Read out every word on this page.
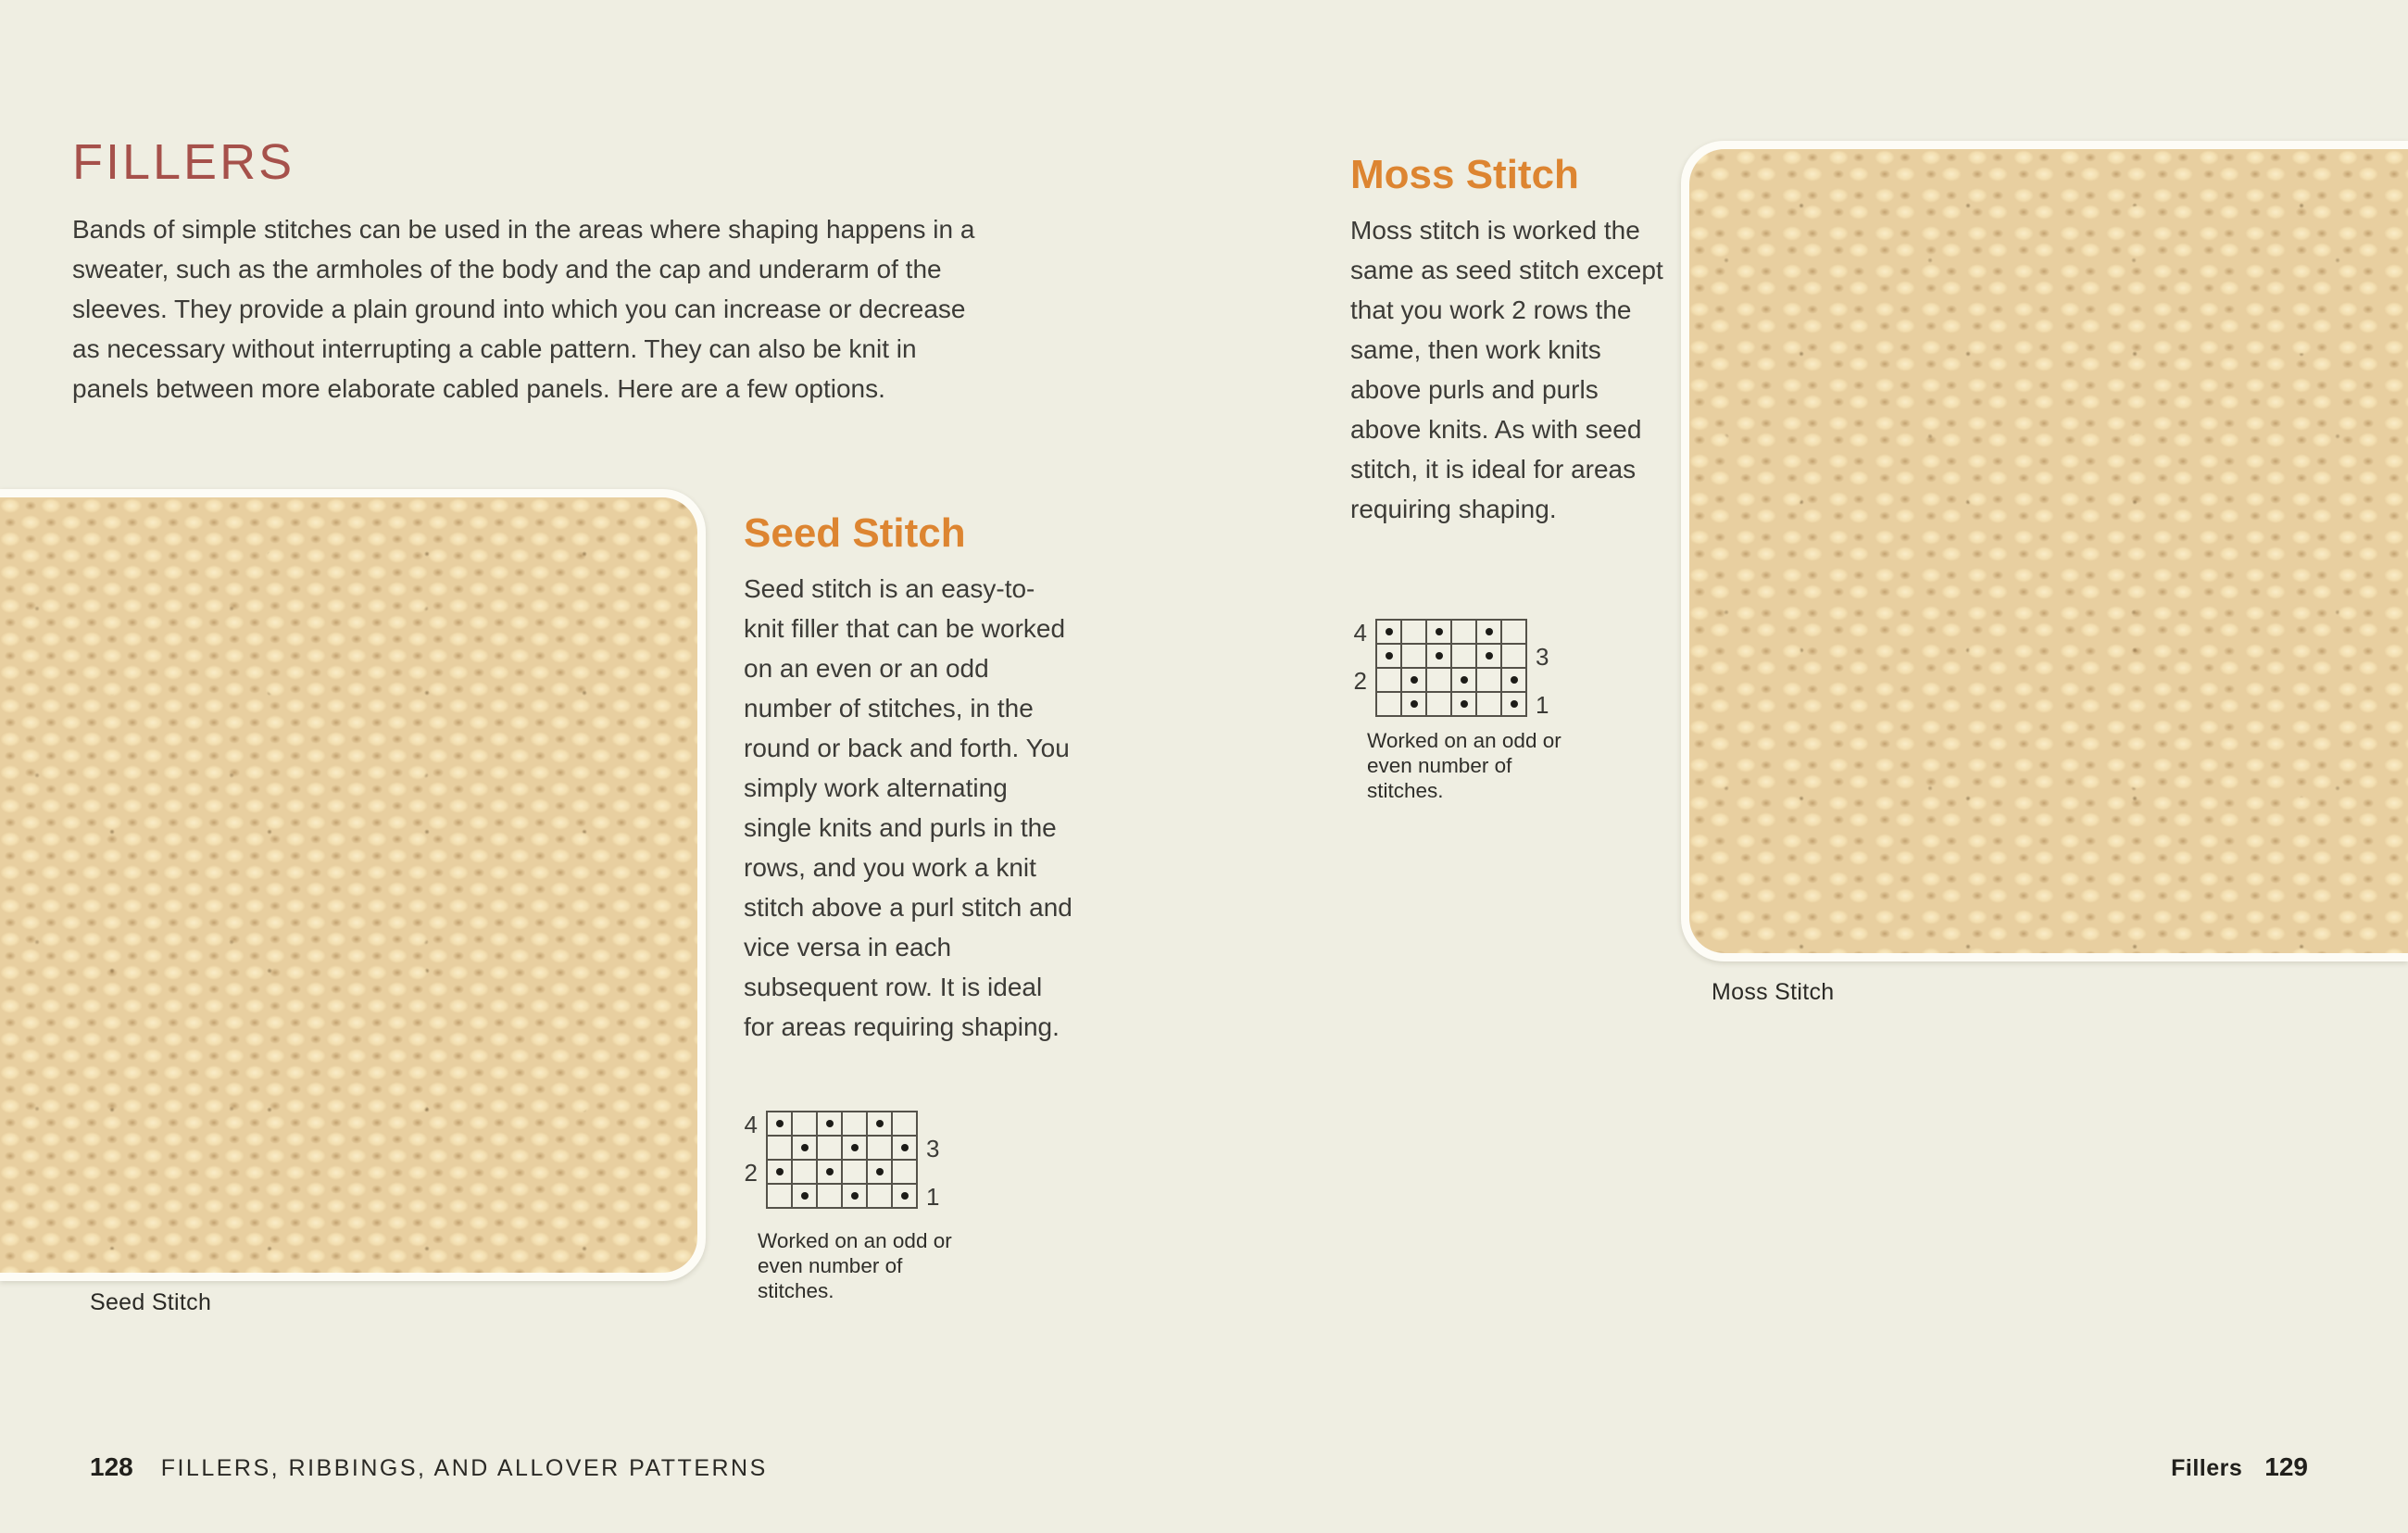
FILLERS

Bands of simple stitches can be used in the areas where shaping happens in a sweater, such as the armholes of the body and the cap and underarm of the sleeves. They provide a plain ground into which you can increase or decrease as necessary without interrupting a cable pattern. They can also be knit in panels between more elaborate cabled panels. Here are a few options.

Seed Stitch
Seed Stitch

Seed stitch is an easy-to-knit filler that can be worked on an even or an odd number of stitches, in the round or back and forth. You simply work alternating single knits and purls in the rows, and you work a knit stitch above a purl stitch and vice versa in each subsequent row. It is ideal for areas requiring shaping.

4
2
3
1
Worked on an odd or even number of stitches.
128 FILLERS, RIBBINGS, AND ALLOVER PATTERNS
Moss Stitch

Moss stitch is worked the same as seed stitch except that you work 2 rows the same, then work knits above purls and purls above knits. As with seed stitch, it is ideal for areas requiring shaping.

4
2
3
1
Worked on an odd or even number of stitches.
Moss Stitch
Fillers 129
